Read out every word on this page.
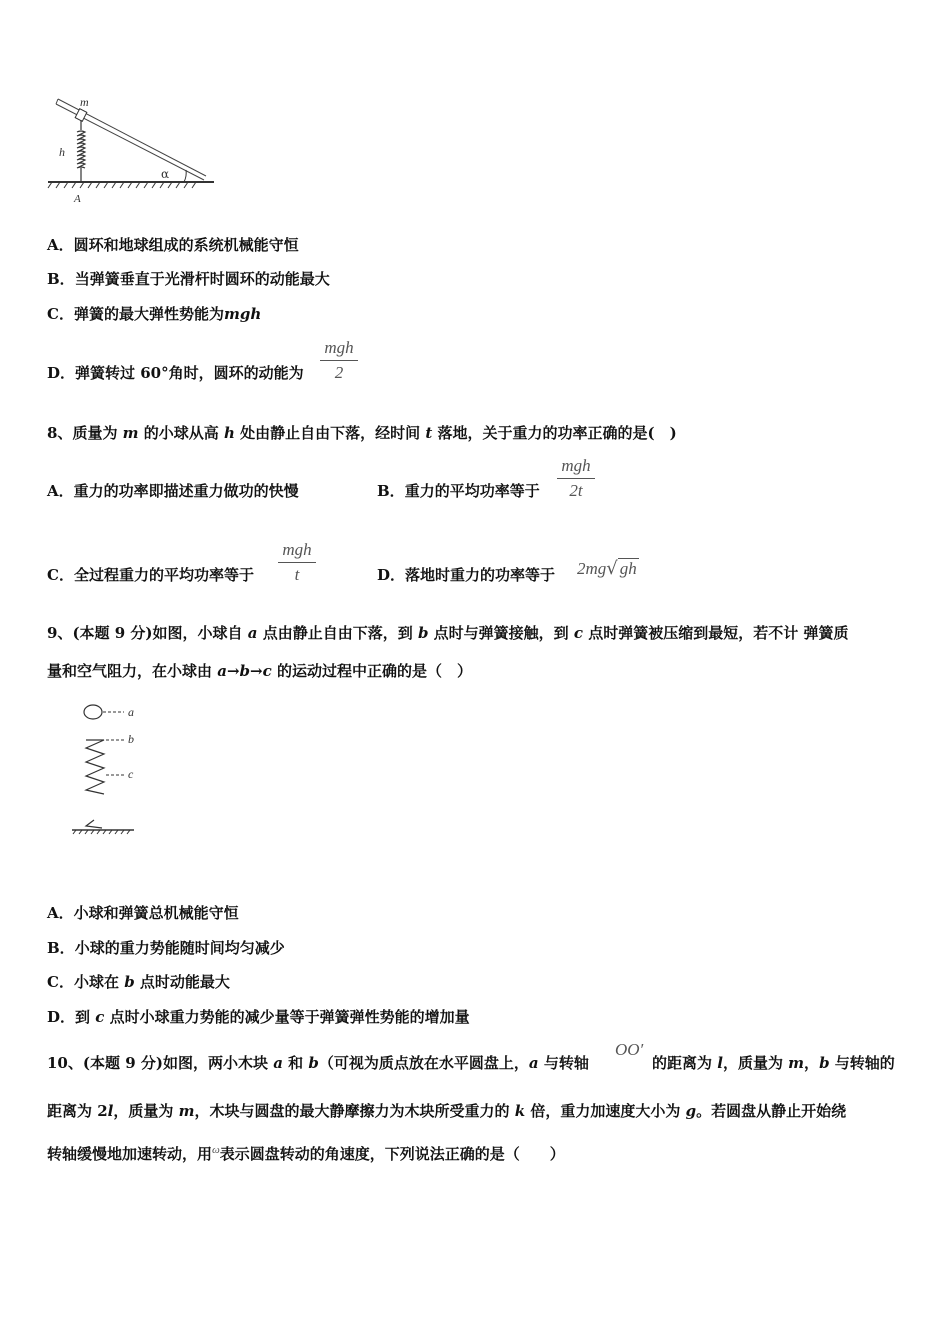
m
h
α
A
A．圆环和地球组成的系统机械能守恒
B．当弹簧垂直于光滑杆时圆环的动能最大
C．弹簧的最大弹性势能为mgh
D．弹簧转过 60°角时，圆环的动能为
mgh
2
8、质量为 m 的小球从高 h 处由静止自由下落，经时间 t 落地，关于重力的功率正确的是(　)
A．重力的功率即描述重力做功的快慢	B．重力的平均功率等于
mgh
2t
C．全过程重力的平均功率等于
mgh
t	D．落地时重力的功率等于 2mg√ gh
9、(本题 9 分)如图，小球自 a 点由静止自由下落，到 b 点时与弹簧接触，到 c 点时弹簧被压缩到最短，若不计 弹簧质
量和空气阻力，在小球由 a→b→c 的运动过程中正确的是（　）
a
b
c
A．小球和弹簧总机械能守恒
B．小球的重力势能随时间均匀减少
C．小球在 b 点时动能最大
D．到 c 点时小球重力势能的减少量等于弹簧弹性势能的增加量
10、(本题 9 分)如图，两小木块 a 和 b（可视为质点放在水平圆盘上，a 与转轴
OO′
的距离为 l，质量为 m，b 与转轴的
距离为 2l，质量为 m，木块与圆盘的最大静摩擦力为木块所受重力的 k 倍，重力加速度大小为 g。若圆盘从静止开始绕
转轴缓慢地加速转动，用$^\omega$表示圆盘转动的角速度，下列说法正确的是（　　）
